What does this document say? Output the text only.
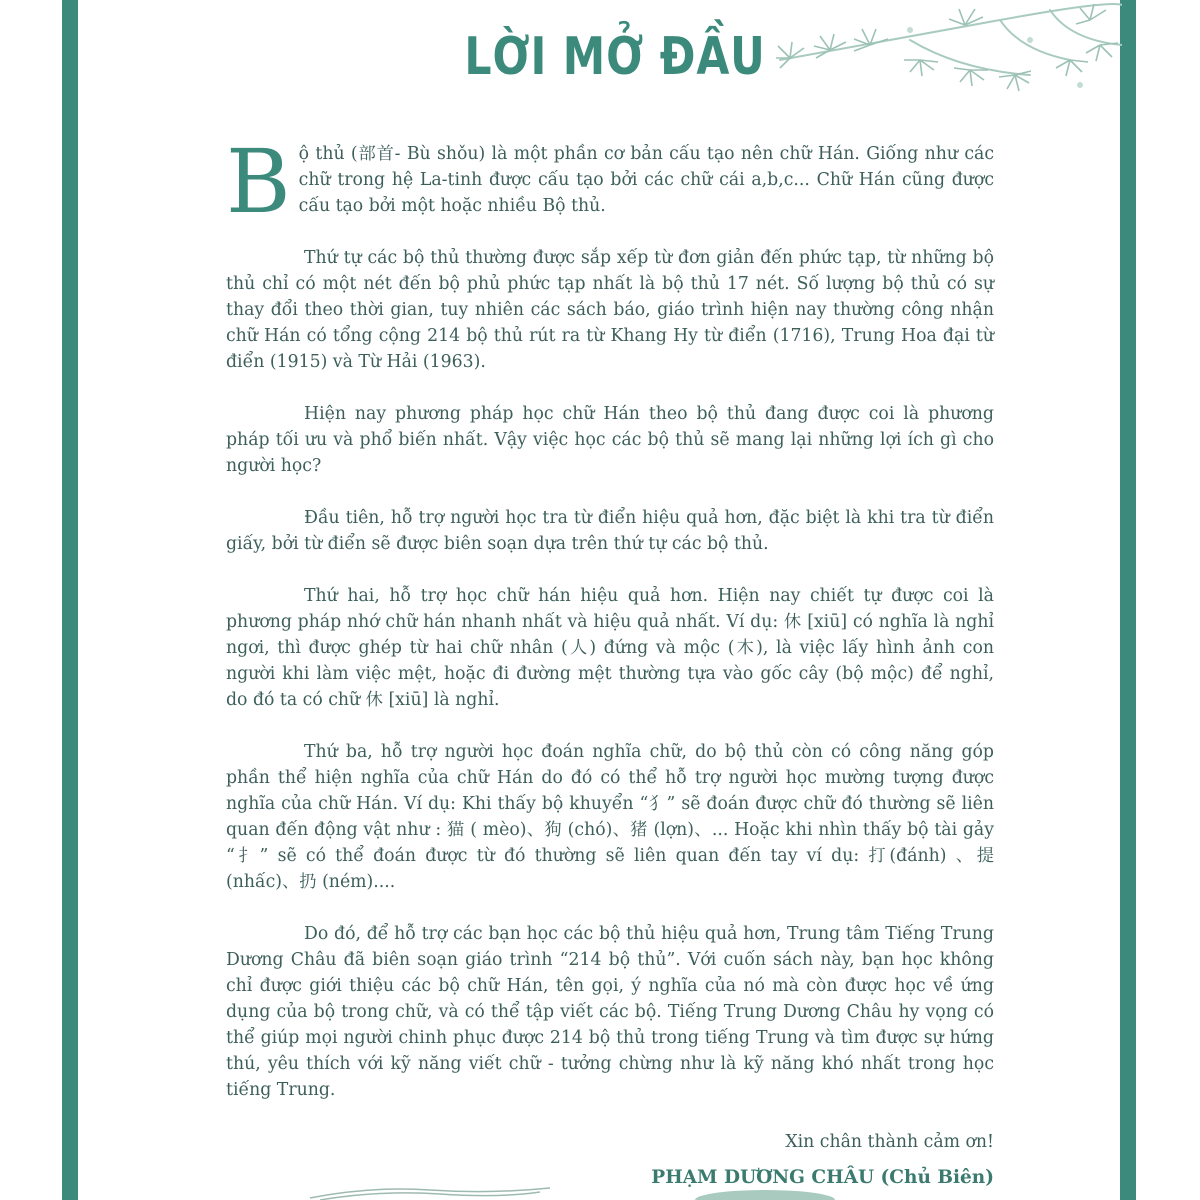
LỜI MỞ ĐẦU

Bộ thủ (部首- Bù shǒu) là một phần cơ bản cấu tạo nên chữ Hán. Giống như các chữ trong hệ La-tinh được cấu tạo bởi các chữ cái a,b,c... Chữ Hán cũng được cấu tạo bởi một hoặc nhiều Bộ thủ.

Thứ tự các bộ thủ thường được sắp xếp từ đơn giản đến phức tạp, từ những bộ thủ chỉ có một nét đến bộ phủ phức tạp nhất là bộ thủ 17 nét. Số lượng bộ thủ có sự thay đổi theo thời gian, tuy nhiên các sách báo, giáo trình hiện nay thường công nhận chữ Hán có tổng cộng 214 bộ thủ rút ra từ Khang Hy từ điển (1716), Trung Hoa đại từ điển (1915) và Từ Hải (1963).

Hiện nay phương pháp học chữ Hán theo bộ thủ đang được coi là phương pháp tối ưu và phổ biến nhất. Vậy việc học các bộ thủ sẽ mang lại những lợi ích gì cho người học?

Đầu tiên, hỗ trợ người học tra từ điển hiệu quả hơn, đặc biệt là khi tra từ điển giấy, bởi từ điển sẽ được biên soạn dựa trên thứ tự các bộ thủ.

Thứ hai, hỗ trợ học chữ hán hiệu quả hơn. Hiện nay chiết tự được coi là phương pháp nhớ chữ hán nhanh nhất và hiệu quả nhất. Ví dụ: 休 [xiū] có nghĩa là nghỉ ngơi, thì được ghép từ hai chữ nhân (人) đứng và mộc (木), là việc lấy hình ảnh con người khi làm việc mệt, hoặc đi đường mệt thường tựa vào gốc cây (bộ mộc) để nghỉ, do đó ta có chữ 休 [xiū] là nghỉ.

Thứ ba, hỗ trợ người học đoán nghĩa chữ, do bộ thủ còn có công năng góp phần thể hiện nghĩa của chữ Hán do đó có thể hỗ trợ người học mường tượng được nghĩa của chữ Hán. Ví dụ: Khi thấy bộ khuyển “犭” sẽ đoán được chữ đó thường sẽ liên quan đến động vật như : 猫 ( mèo)、狗 (chó)、猪 (lợn)、... Hoặc khi nhìn thấy bộ tài gảy “扌” sẽ có thể đoán được từ đó thường sẽ liên quan đến tay ví dụ: 打(đánh) 、提 (nhấc)、扔 (ném)....

Do đó, để hỗ trợ các bạn học các bộ thủ hiệu quả hơn, Trung tâm Tiếng Trung Dương Châu đã biên soạn giáo trình “214 bộ thủ”. Với cuốn sách này, bạn học không chỉ được giới thiệu các bộ chữ Hán, tên gọi, ý nghĩa của nó mà còn được học về ứng dụng của bộ trong chữ, và có thể tập viết các bộ. Tiếng Trung Dương Châu hy vọng có thể giúp mọi người chinh phục được 214 bộ thủ trong tiếng Trung và tìm được sự hứng thú, yêu thích với kỹ năng viết chữ - tưởng chừng như là kỹ năng khó nhất trong học tiếng Trung.

Xin chân thành cảm ơn!

PHẠM DƯƠNG CHÂU (Chủ Biên)
